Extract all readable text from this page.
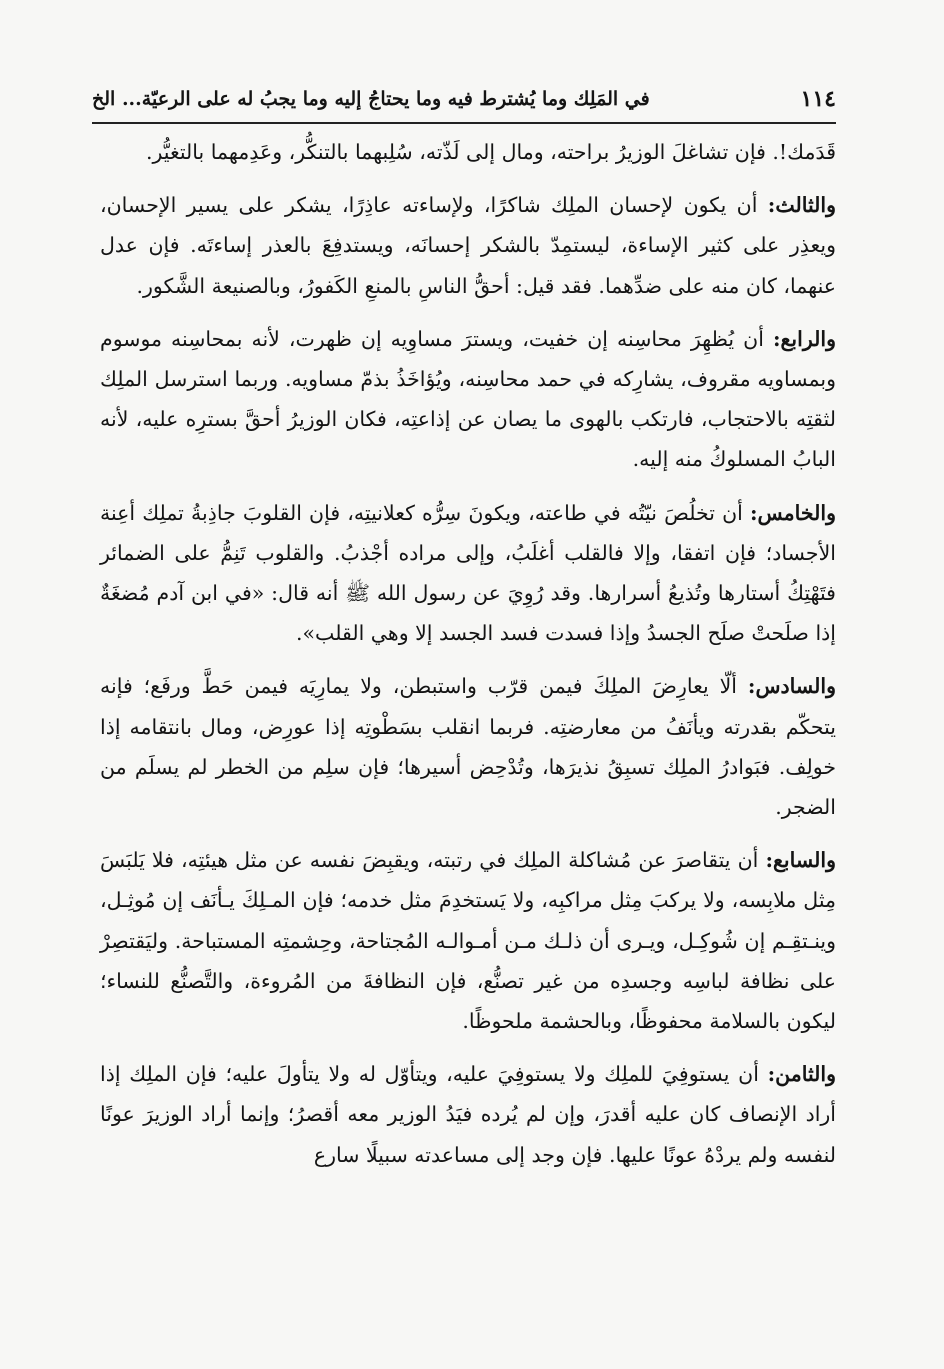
١١٤
في المَلِك وما يُشترط فيه وما يحتاجُ إليه وما يجبُ له على الرعيّة... الخ

قَدَمك!. فإن تشاغلَ الوزيرُ براحته، ومال إلى لَذّته، سُلِبهما بالتنكُّر، وعَدِمهما بالتغيُّر.

والثالث: أن يكون لإحسان الملِك شاكرًا، ولإساءته عاذِرًا، يشكر على يسير الإحسان، ويعذِر على كثير الإساءة، ليستمِدّ بالشكر إحسانَه، ويستدفِعَ بالعذر إساءتَه. فإن عدل عنهما، كان منه على ضدِّهما. فقد قيل: أحقُّ الناسِ بالمنعِ الكَفورُ، وبالصنيعة الشَّكور.

والرابع: أن يُظهِرَ محاسِنه إن خفيت، ويسترَ مساوِيه إن ظهرت، لأنه بمحاسِنه موسوم وبمساويه مقروف، يشارِكه في حمد محاسِنه، ويُؤاخَذُ بذمّ مساويه. وربما استرسل الملِك لثقتِه بالاحتجاب، فارتكب بالهوى ما يصان عن إذاعتِه، فكان الوزيرُ أحقَّ بسترِه عليه، لأنه البابُ المسلوكُ منه إليه.

والخامس: أن تخلُصَ نيّتُه في طاعته، ويكونَ سِرُّه كعلانيتِه، فإن القلوبَ جاذِبةُ تملِك أعِنة الأجساد؛ فإن اتفقا، وإلا فالقلب أغلَبُ، وإلى مراده أجْذبُ. والقلوب تَنِمُّ على الضمائر فتَهْتِكُ أستارها وتُذيعُ أسرارها. وقد رُوِيَ عن رسول الله ﷺ أنه قال: «في ابن آدم مُضغَةٌ إذا صلَحتْ صلَح الجسدُ وإذا فسدت فسد الجسد إلا وهي القلب».

والسادس: ألّا يعارِضَ الملِكَ فيمن قرّب واستبطن، ولا يمارِيَه فيمن حَطَّ ورفَع؛ فإنه يتحكّم بقدرته ويأنَفُ من معارضتِه. فربما انقلب بسَطْوتِه إذا عورِض، ومال بانتقامه إذا خولِف. فبَوادرُ الملِك تسبِقُ نذيرَها، وتُدْحِض أسيرها؛ فإن سلِم من الخطر لم يسلَم من الضجر.

والسابع: أن يتقاصرَ عن مُشاكلة الملِك في رتبته، ويقبِضَ نفسه عن مثل هيئتِه، فلا يَلبَسَ مِثل ملابِسه، ولا يركبَ مِثل مراكبِه، ولا يَستخدِمَ مثل خدمه؛ فإن المـلِكَ يـأنَف إن مُوثِـل، وينـتقِـم إن شُوكِـل، ويـرى أن ذلـك مـن أمـوالـه المُجتاحة، وحِشمتِه المستباحة. وليَقتصِرْ على نظافة لباسِه وجسدِه من غير تصنُّع، فإن النظافةَ من المُروءة، والتَّصنُّع للنساء؛ ليكون بالسلامة محفوظًا، وبالحشمة ملحوظًا.

والثامن: أن يستوفِيَ للملِك ولا يستوفِيَ عليه، ويتأوّل له ولا يتأولَ عليه؛ فإن الملِك إذا أراد الإنصاف كان عليه أقدرَ، وإن لم يُرده فيَدُ الوزير معه أقصرُ؛ وإنما أراد الوزيرَ عونًا لنفسه ولم يردْهُ عونًا عليها. فإن وجد إلى مساعدته سبيلًا سارع
